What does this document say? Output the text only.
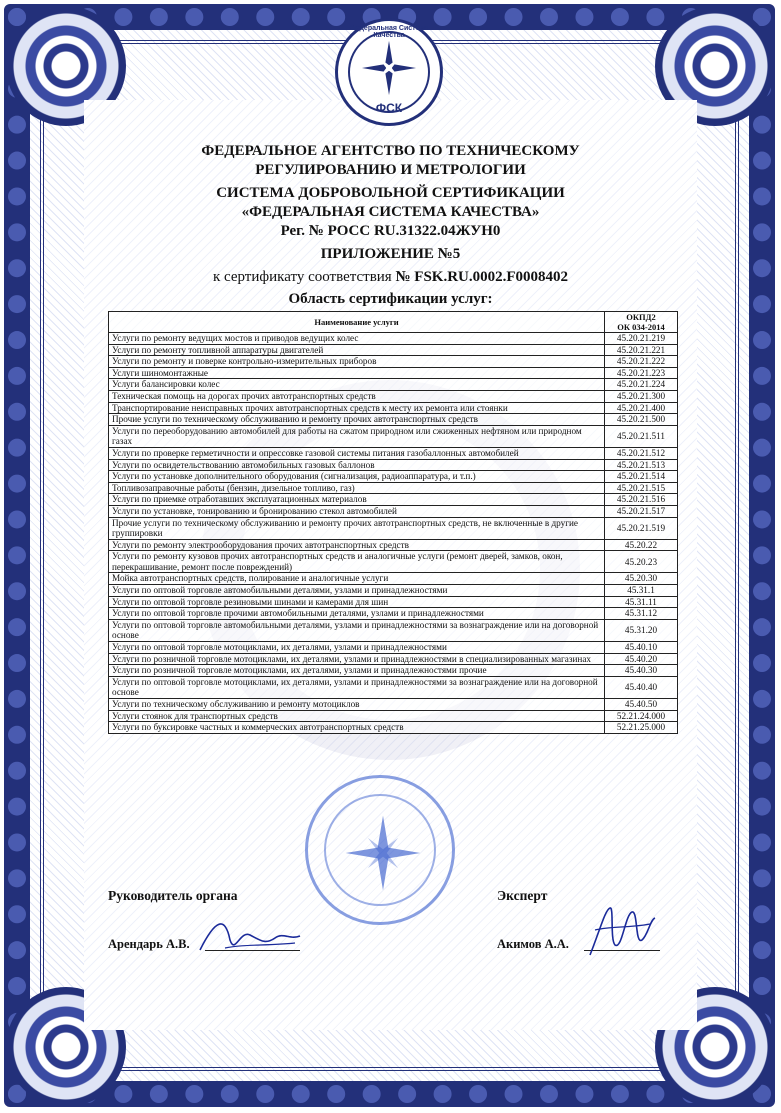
Федеральная Система Качества
ФСК
ФЕДЕРАЛЬНОЕ АГЕНТСТВО ПО ТЕХНИЧЕСКОМУ
РЕГУЛИРОВАНИЮ И МЕТРОЛОГИИ
СИСТЕМА ДОБРОВОЛЬНОЙ СЕРТИФИКАЦИИ
«ФЕДЕРАЛЬНАЯ СИСТЕМА КАЧЕСТВА»
Рег. № РОСС RU.31322.04ЖУН0
ПРИЛОЖЕНИЕ №5
к сертификату соответствия № FSK.RU.0002.F0008402
Область сертификации услуг:
Наименование услуги	ОКПД2
ОК 034-2014

Услуги по ремонту ведущих мостов и приводов ведущих колес	45.20.21.219
Услуги по ремонту топливной аппаратуры двигателей	45.20.21.221
Услуги по ремонту и поверке контрольно-измерительных приборов	45.20.21.222
Услуги шиномонтажные	45.20.21.223
Услуги балансировки колес	45.20.21.224
Техническая помощь на дорогах прочих автотранспортных средств	45.20.21.300
Транспортирование неисправных прочих автотранспортных средств к месту их ремонта или стоянки	45.20.21.400
Прочие услуги по техническому обслуживанию и ремонту прочих автотранспортных средств	45.20.21.500
Услуги по переоборудованию автомобилей для работы на сжатом природном или сжиженных нефтяном или природном газах	45.20.21.511
Услуги по проверке герметичности и опрессовке газовой системы питания газобаллонных автомобилей	45.20.21.512
Услуги по освидетельствованию автомобильных газовых баллонов	45.20.21.513
Услуги по установке дополнительного оборудования (сигнализация, радиоаппаратура, и т.п.)	45.20.21.514
Топливозаправочные работы (бензин, дизельное топливо, газ)	45.20.21.515
Услуги по приемке отработавших эксплуатационных материалов	45.20.21.516
Услуги по установке, тонированию и бронированию стекол автомобилей	45.20.21.517
Прочие услуги по техническому обслуживанию и ремонту прочих автотранспортных средств, не включенные в другие группировки	45.20.21.519
Услуги по ремонту электрооборудования прочих автотранспортных средств	45.20.22
Услуги по ремонту кузовов прочих автотранспортных средств и аналогичные услуги (ремонт дверей, замков, окон, перекрашивание, ремонт после повреждений)	45.20.23
Мойка автотранспортных средств, полирование и аналогичные услуги	45.20.30
Услуги по оптовой торговле автомобильными деталями, узлами и принадлежностями	45.31.1
Услуги по оптовой торговле резиновыми шинами и камерами для шин	45.31.11
Услуги по оптовой торговле прочими автомобильными деталями, узлами и принадлежностями	45.31.12
Услуги по оптовой торговле автомобильными деталями, узлами и принадлежностями за вознаграждение или на договорной основе	45.31.20
Услуги по оптовой торговле мотоциклами, их деталями, узлами и принадлежностями	45.40.10
Услуги по розничной торговле мотоциклами, их деталями, узлами и принадлежностями в специализированных магазинах	45.40.20
Услуги по розничной торговле мотоциклами, их деталями, узлами и принадлежностями прочие	45.40.30
Услуги по оптовой торговле мотоциклами, их деталями, узлами и принадлежностями за вознаграждение или на договорной основе	45.40.40
Услуги по техническому обслуживанию и ремонту мотоциклов	45.40.50
Услуги стоянок для транспортных средств	52.21.24.000
Услуги по буксировке частных и коммерческих автотранспортных средств	52.21.25.000
Руководитель органа
Арендарь А.В.
Эксперт
Акимов А.А.
